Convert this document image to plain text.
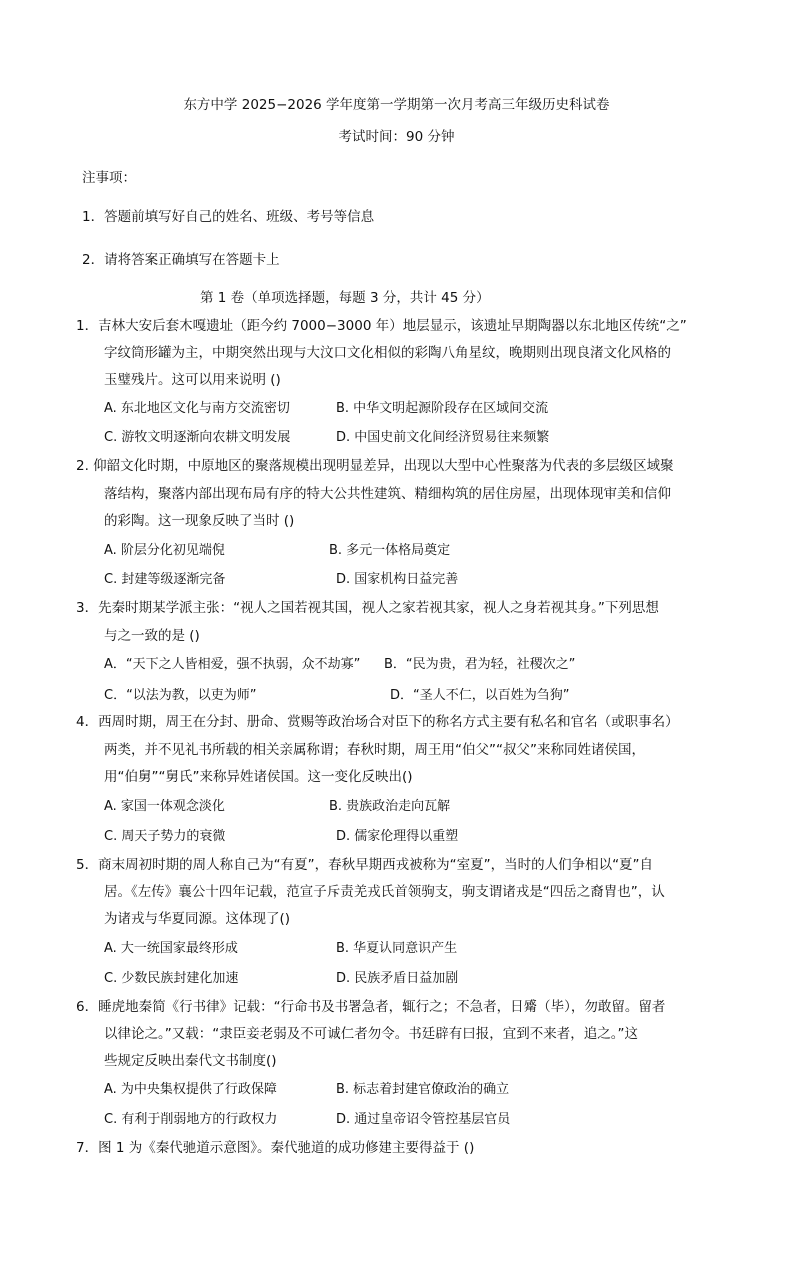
东方中学 2025−2026 学年度第一学期第一次月考高三年级历史科试卷
考试时间：90 分钟
注事项：
1．答题前填写好自己的姓名、班级、考号等信息
2．请将答案正确填写在答题卡上
第 1 卷（单项选择题，每题 3 分，共计 45 分）
1．吉林大安后套木嘎遗址（距今约 7000−3000 年）地层显示，该遗址早期陶器以东北地区传统“之”
字纹筒形罐为主，中期突然出现与大汶口文化相似的彩陶八角星纹，晚期则出现良渚文化风格的
玉璧残片。这可以用来说明 ()
A. 东北地区文化与南方交流密切	B. 中华文明起源阶段存在区域间交流
C. 游牧文明逐渐向农耕文明发展	D. 中国史前文化间经济贸易往来频繁
2. 仰韶文化时期，中原地区的聚落规模出现明显差异，出现以大型中心性聚落为代表的多层级区域聚
落结构，聚落内部出现布局有序的特大公共性建筑、精细构筑的居住房屋，出现体现审美和信仰
的彩陶。这一现象反映了当时 ()
A. 阶层分化初见端倪	B. 多元一体格局奠定
C. 封建等级逐渐完备	D. 国家机构日益完善
3．先秦时期某学派主张：“视人之国若视其国，视人之家若视其家，视人之身若视其身。”下列思想
与之一致的是 ()
A．“天下之人皆相爱，强不执弱，众不劫寡” B．“民为贵，君为轻，社稷次之”
C．“以法为教，以吏为师”	D．“圣人不仁，以百姓为刍狗”
4．西周时期，周王在分封、册命、赏赐等政治场合对臣下的称名方式主要有私名和官名（或职事名）
两类，并不见礼书所载的相关亲属称谓；春秋时期，周王用“伯父”“叔父”来称同姓诸侯国，
用“伯舅”“舅氏”来称异姓诸侯国。这一变化反映出()
A. 家国一体观念淡化	B. 贵族政治走向瓦解
C. 周天子势力的衰微	D. 儒家伦理得以重塑
5．商末周初时期的周人称自己为“有夏”，春秋早期西戎被称为“室夏”，当时的人们争相以“夏”自
居。《左传》襄公十四年记载，范宣子斥责羌戎氏首领驹支，驹支谓诸戎是“四岳之裔胄也”，认
为诸戎与华夏同源。这体现了()
A. 大一统国家最终形成	B. 华夏认同意识产生
C. 少数民族封建化加速	D. 民族矛盾日益加剧
6．睡虎地秦简《行书律》记载：“行命书及书署急者，辄行之；不急者，日觱（毕），勿敢留。留者
以律论之。”又载：“隶臣妾老弱及不可诚仁者勿令。书廷辟有曰报，宜到不来者，追之。”这
些规定反映出秦代文书制度()
A. 为中央集权提供了行政保障	B. 标志着封建官僚政治的确立
C. 有利于削弱地方的行政权力	D. 通过皇帝诏令管控基层官员
7．图 1 为《秦代驰道示意图》。秦代驰道的成功修建主要得益于 ()
